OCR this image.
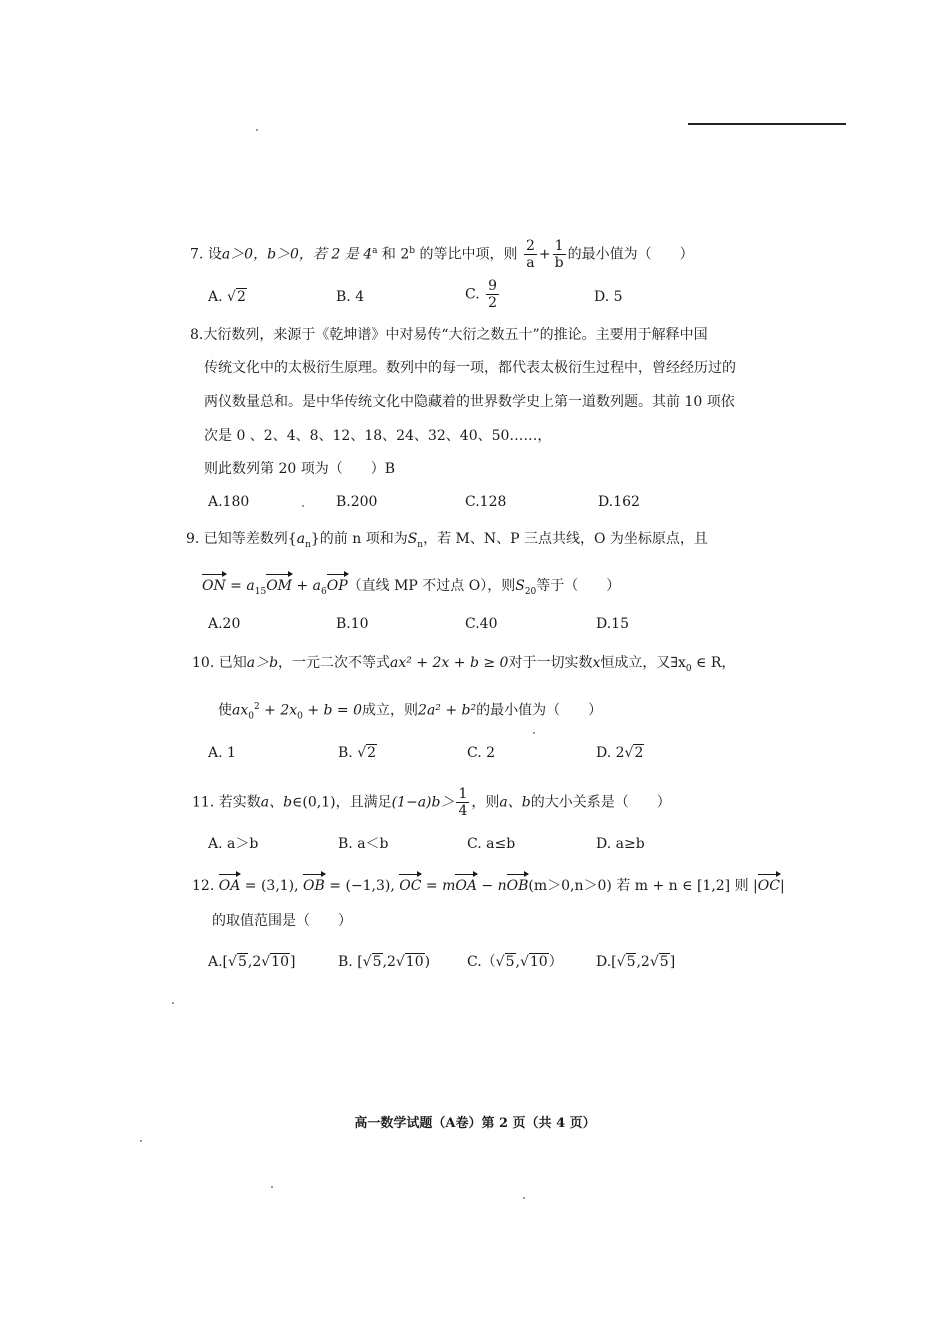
7. 设a＞0，b＞0，若 2 是 4$^a$ 和 2$^b$ 的等比中项，则 $\frac{2}{a} + \frac{1}{b}$ 的最小值为（　　）
A. √2	B. 4	C. $\frac{9}{2}$	D. 5
8.大衍数列，来源于《乾坤谱》中对易传“大衍之数五十”的推论。主要用于解释中国
传统文化中的太极衍生原理。数列中的每一项，都代表太极衍生过程中，曾经经历过的
两仪数量总和。是中华传统文化中隐藏着的世界数学史上第一道数列题。其前 10 项依
次是 0 、2、4、8、12、18、24、32、40、50……，
则此数列第 20 项为（　　）B
A.180	B.200	C.128	D.162
9. 已知等差数列$\{a_n\}$的前 n 项和为$S_n$，若 M、N、P 三点共线，O 为坐标原点，且
ON = $a_{15}OM + a_6OP$（直线 MP 不过点 O），则$S_{20}$等于（　　）
A.20	B.10	C.40	D.15
10. 已知a＞b，一元二次不等式ax² + 2x + b ≥ 0对于一切实数x恒成立，又$\exists x_0$ ∈ R，
使$ax_0^2 + 2x_0 + b = 0$成立，则2a² + b²的最小值为（　　）
A. 1	B. √2	C. 2	D. 2√2
11. 若实数a、b∈(0,1)，且满足$(1-a)b> \frac{1}{4}$ ，则a、b的大小关系是（　　）
A. a＞b	B. a＜b	C. a≤b	D. a≥b
12. OA = (3,1), OB = (−1,3), OC = mOA − nOB(m＞0,n＞0) 若 m + n ∈ [1,2] 则 |OC|
的取值范围是（　　）
A.[√5,2√10]	B. [√5,2√10)	C.（√5,√10） D.[√5,2√5]
高一数学试题（A卷）第 2 页（共 4 页）
